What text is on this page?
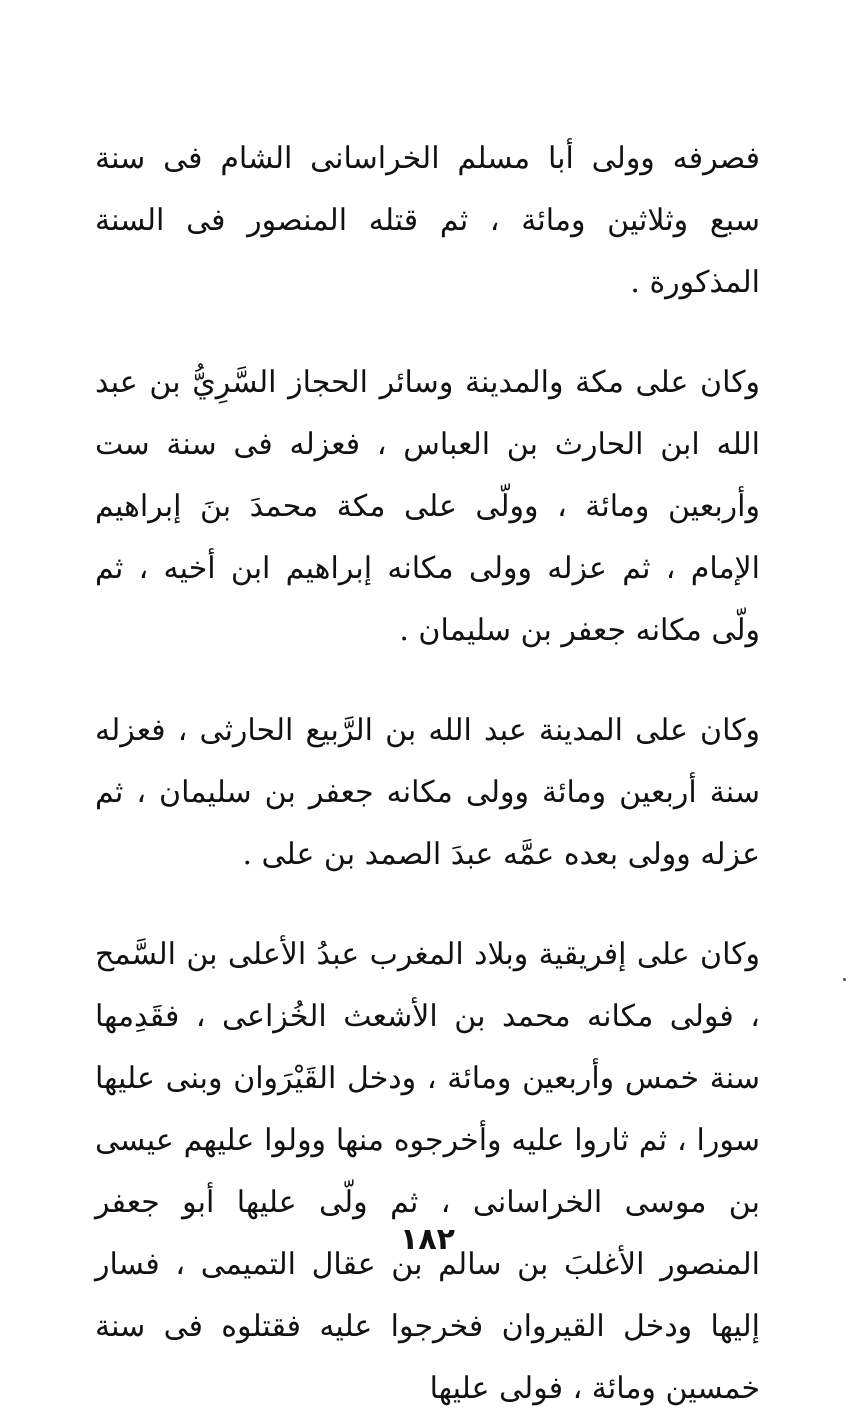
فصرفه وولى أبا مسلم الخراسانى الشام فى سنة سبع وثلاثين ومائة ، ثم قتله المنصور فى السنة المذكورة .

وكان على مكة والمدينة وسائر الحجاز السَّرِيُّ بن عبد الله ابن الحارث بن العباس ، فعزله فى سنة ست وأربعين ومائة ، وولّى على مكة محمدَ بنَ إبراهيم الإمام ، ثم عزله وولى مكانه إبراهيم ابن أخيه ، ثم ولّى مكانه جعفر بن سليمان .

وكان على المدينة عبد الله بن الرَّبيع الحارثى ، فعزله سنة أربعين ومائة وولى مكانه جعفر بن سليمان ، ثم عزله وولى بعده عمَّه عبدَ الصمد بن على .

وكان على إفريقية وبلاد المغرب عبدُ الأعلى بن السَّمح ، فولى مكانه محمد بن الأشعث الخُزاعى ، فقَدِمها سنة خمس وأربعين ومائة ، ودخل القَيْرَوان وبنى عليها سورا ، ثم ثاروا عليه وأخرجوه منها وولوا عليهم عيسى بن موسى الخراسانى ، ثم ولّى عليها أبو جعفر المنصور الأغلبَ بن سالم بن عقال التميمى ، فسار إليها ودخل القيروان فخرجوا عليه فقتلوه فى سنة خمسين ومائة ، فولى عليها

١٨٢
